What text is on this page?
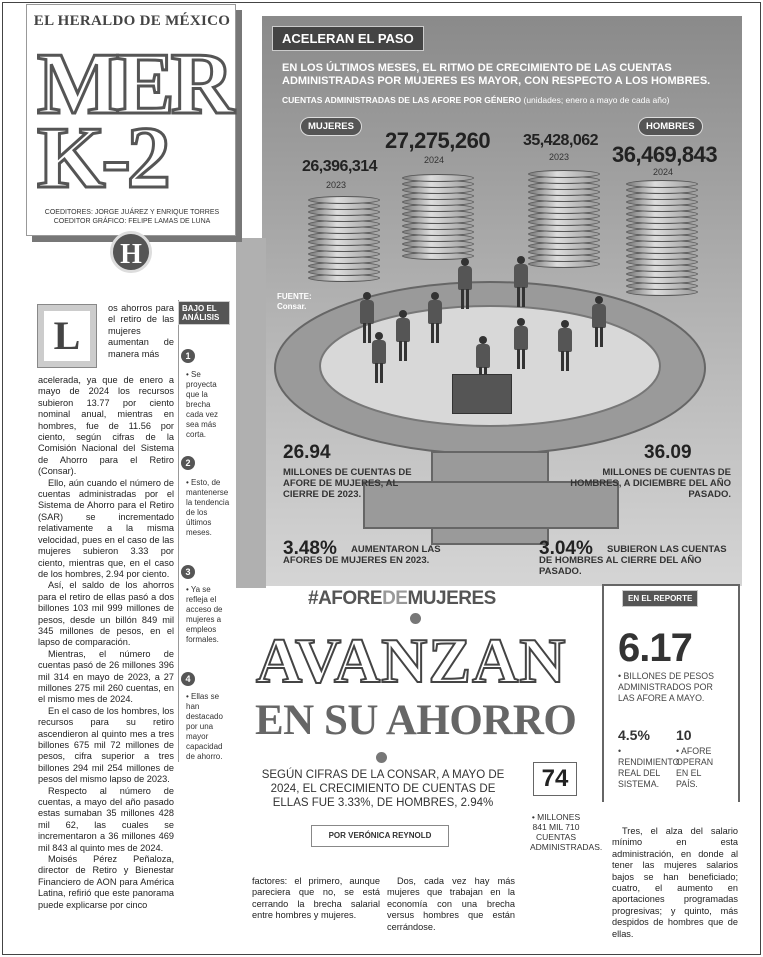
EL HERALDO DE MÉXICO
MER
K-2
COEDITORES: JORGE JUÁREZ Y ENRIQUE TORRES
COEDITOR GRÁFICO: FELIPE LAMAS DE LUNA
H
ACELERAN EL PASO
EN LOS ÚLTIMOS MESES, EL RITMO DE CRECIMIENTO DE LAS CUENTAS ADMINISTRADAS POR MUJERES ES MAYOR, CON RESPECTO A LOS HOMBRES.
CUENTAS ADMINISTRADAS DE LAS AFORE POR GÉNERO (unidades; enero a mayo de cada año)
MUJERES	HOMBRES
26,396,314
2023
27,275,260
2024
35,428,062
2023 36,469,843
2024
FUENTE:
Consar.
26.94
MILLONES DE CUENTAS DE AFORE DE MUJERES, AL CIERRE DE 2023.
36.09
MILLONES DE CUENTAS DE HOMBRES, A DICIEMBRE DEL AÑO PASADO.
3.48%	AUMENTARON LAS AFORES DE MUJERES EN 2023.
3.04%	SUBIERON LAS CUENTAS DE HOMBRES AL CIERRE DEL AÑO PASADO.
L

os ahorros para el retiro de las mujeres aumentan de manera más

acelerada, ya que de enero a mayo de 2024 los recursos subieron 13.77 por ciento nominal anual, mientras en hombres, fue de 11.56 por ciento, según cifras de la Comisión Nacional del Sistema de Ahorro para el Retiro (Consar).

Ello, aún cuando el número de cuentas administradas por el Sistema de Ahorro para el Retiro (SAR) se incrementado relativamente a la misma velocidad, pues en el caso de las mujeres subieron 3.33 por ciento, mientras que, en el caso de los hombres, 2.94 por ciento.

Así, el saldo de los ahorros para el retiro de ellas pasó a dos billones 103 mil 999 millones de pesos, desde un billón 849 mil 345 millones de pesos, en el lapso de comparación.

Mientras, el número de cuentas pasó de 26 millones 396 mil 314 en mayo de 2023, a 27 millones 275 mil 260 cuentas, en el mismo mes de 2024.

En el caso de los hombres, los recursos para su retiro ascendieron al quinto mes a tres billones 675 mil 72 millones de pesos, cifra superior a tres billones 294 mil 254 millones de pesos del mismo lapso de 2023.

Respecto al número de cuentas, a mayo del año pasado estas sumaban 35 millones 428 mil 62, las cuales se incrementaron a 36 millones 469 mil 843 al quinto mes de 2024.

Moisés Pérez Peñaloza, director de Retiro y Bienestar Financiero de AON para América Latina, refirió que este panorama puede explicarse por cinco

BAJO EL ANÁLISIS
1
• Se proyecta que la brecha cada vez sea más corta.
2
• Esto, de mantenerse la tendencia de los últimos meses.
3
• Ya se refleja el acceso de mujeres a empleos formales.
4
• Ellas se han destacado por una mayor capacidad de ahorro.
#AFOREDEMUJERES
AVANZAN
EN SU AHORRO
SEGÚN CIFRAS DE LA CONSAR, A MAYO DE 2024, EL CRECIMIENTO DE CUENTAS DE ELLAS FUE 3.33%, DE HOMBRES, 2.94%
POR VERÓNICA REYNOLD
74
• MILLONES 841 MIL 710 CUENTAS ADMINISTRADAS.
EN EL REPORTE
6.17
• BILLONES DE PESOS ADMINISTRADOS POR LAS AFORE A MAYO.
4.5%
• RENDIMIENTO REAL DEL SISTEMA.
10
• AFORE OPERAN EN EL PAÍS.

factores: el primero, aunque pareciera que no, se está cerrando la brecha salarial entre hombres y mujeres.

Dos, cada vez hay más mujeres que trabajan en la economía con una brecha versus hombres que están cerrándose.

Tres, el alza del salario mínimo en esta administración, en donde al tener las mujeres salarios bajos se han beneficiado; cuatro, el aumento en aportaciones programadas progresivas; y quinto, más despidos de hombres que de ellas.
